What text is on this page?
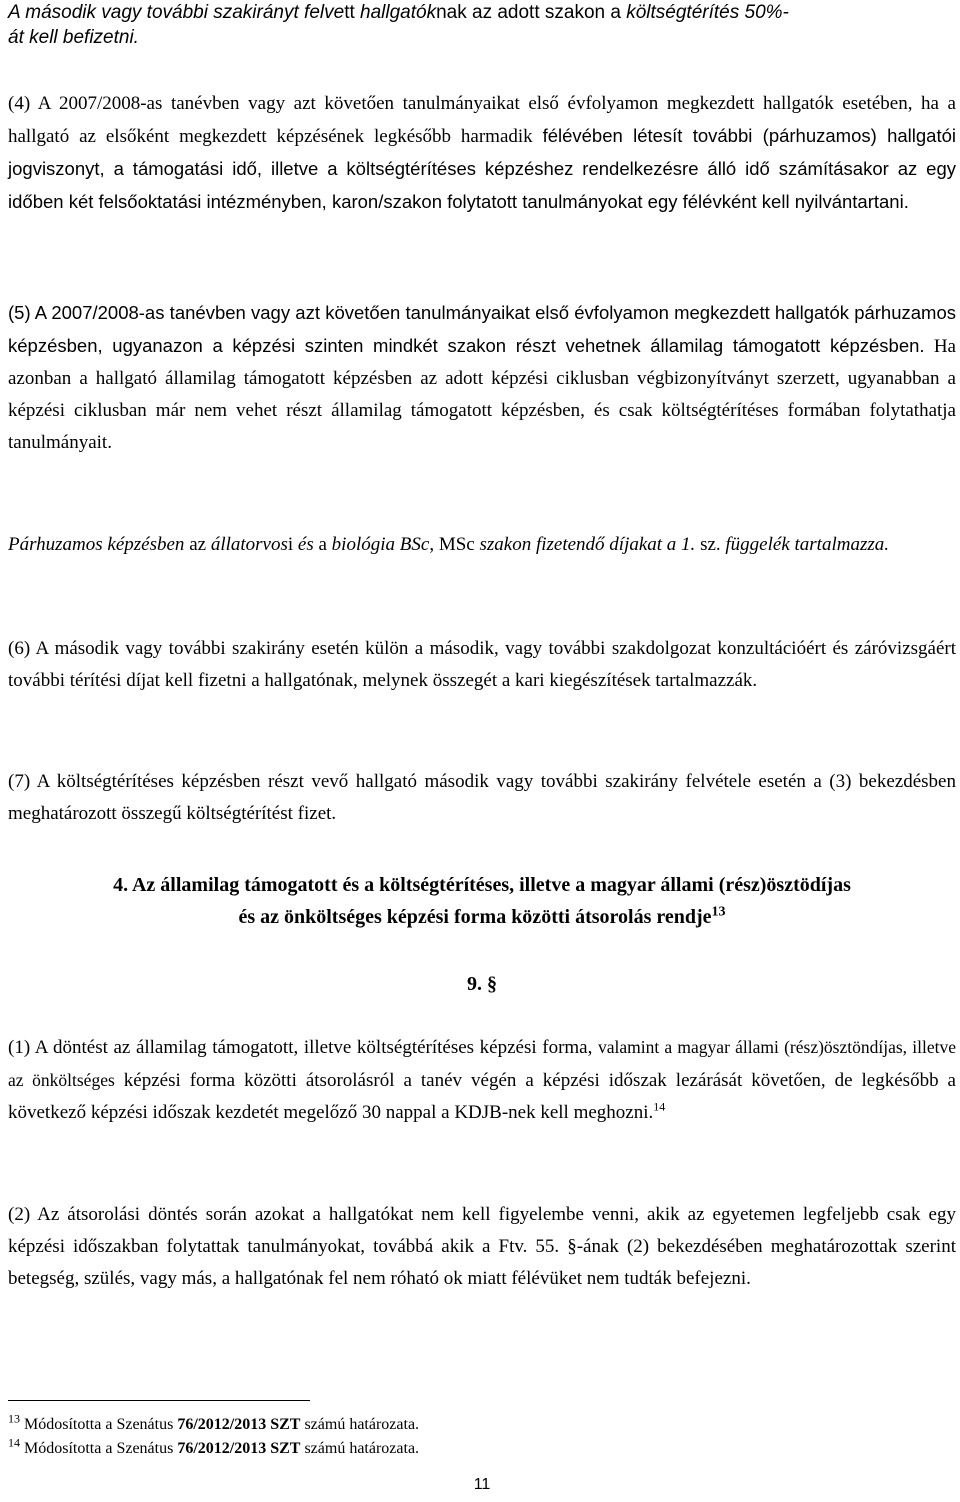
A második vagy további szakirányt felvett hallgatóknak az adott szakon a költségtérítés 50%-
át kell befizetni.

(4) A 2007/2008-as tanévben vagy azt követően tanulmányaikat első évfolyamon megkezdett hallgatók esetében, ha a hallgató az elsőként megkezdett képzésének legkésőbb harmadik félévében létesít további (párhuzamos) hallgatói jogviszonyt, a támogatási idő, illetve a költségtérítéses képzéshez rendelkezésre álló idő számításakor az egy időben két felsőoktatási intézményben, karon/szakon folytatott tanulmányokat egy félévként kell nyilvántartani.

(5) A 2007/2008-as tanévben vagy azt követően tanulmányaikat első évfolyamon megkezdett hallgatók párhuzamos képzésben, ugyanazon a képzési szinten mindkét szakon részt vehetnek államilag támogatott képzésben. Ha azonban a hallgató államilag támogatott képzésben az adott képzési ciklusban végbizonyítványt szerzett, ugyanabban a képzési ciklusban már nem vehet részt államilag támogatott képzésben, és csak költségtérítéses formában folytathatja tanulmányait.

Párhuzamos képzésben az állatorvosi és a biológia BSc, MSc szakon fizetendő díjakat a 1. sz. függelék tartalmazza.

(6) A második vagy további szakirány esetén külön a második, vagy további szakdolgozat konzultációért és záróvizsgáért további térítési díjat kell fizetni a hallgatónak, melynek összegét a kari kiegészítések tartalmazzák.

(7) A költségtérítéses képzésben részt vevő hallgató második vagy további szakirány felvétele esetén a (3) bekezdésben meghatározott összegű költségtérítést fizet.

4. Az államilag támogatott és a költségtérítéses, illetve a magyar állami (rész)ösztödíjas
és az önköltséges képzési forma közötti átsorolás rendje$^{13}$

9. §

(1) A döntést az államilag támogatott, illetve költségtérítéses képzési forma, valamint a magyar állami (rész)ösztöndíjas, illetve az önköltséges képzési forma közötti átsorolásról a tanév végén a képzési időszak lezárását követően, de legkésőbb a következő képzési időszak kezdetét megelőző 30 nappal a KDJB-nek kell meghozni.$^{14}$

(2) Az átsorolási döntés során azokat a hallgatókat nem kell figyelembe venni, akik az egyetemen legfeljebb csak egy képzési időszakban folytattak tanulmányokat, továbbá akik a Ftv. 55. §-ának (2) bekezdésében meghatározottak szerint betegség, szülés, vagy más, a hallgatónak fel nem róható ok miatt félévüket nem tudták befejezni.

$^{13}$ Módosította a Szenátus 76/2012/2013 SZT számú határozata.

$^{14}$ Módosította a Szenátus 76/2012/2013 SZT számú határozata.

11
